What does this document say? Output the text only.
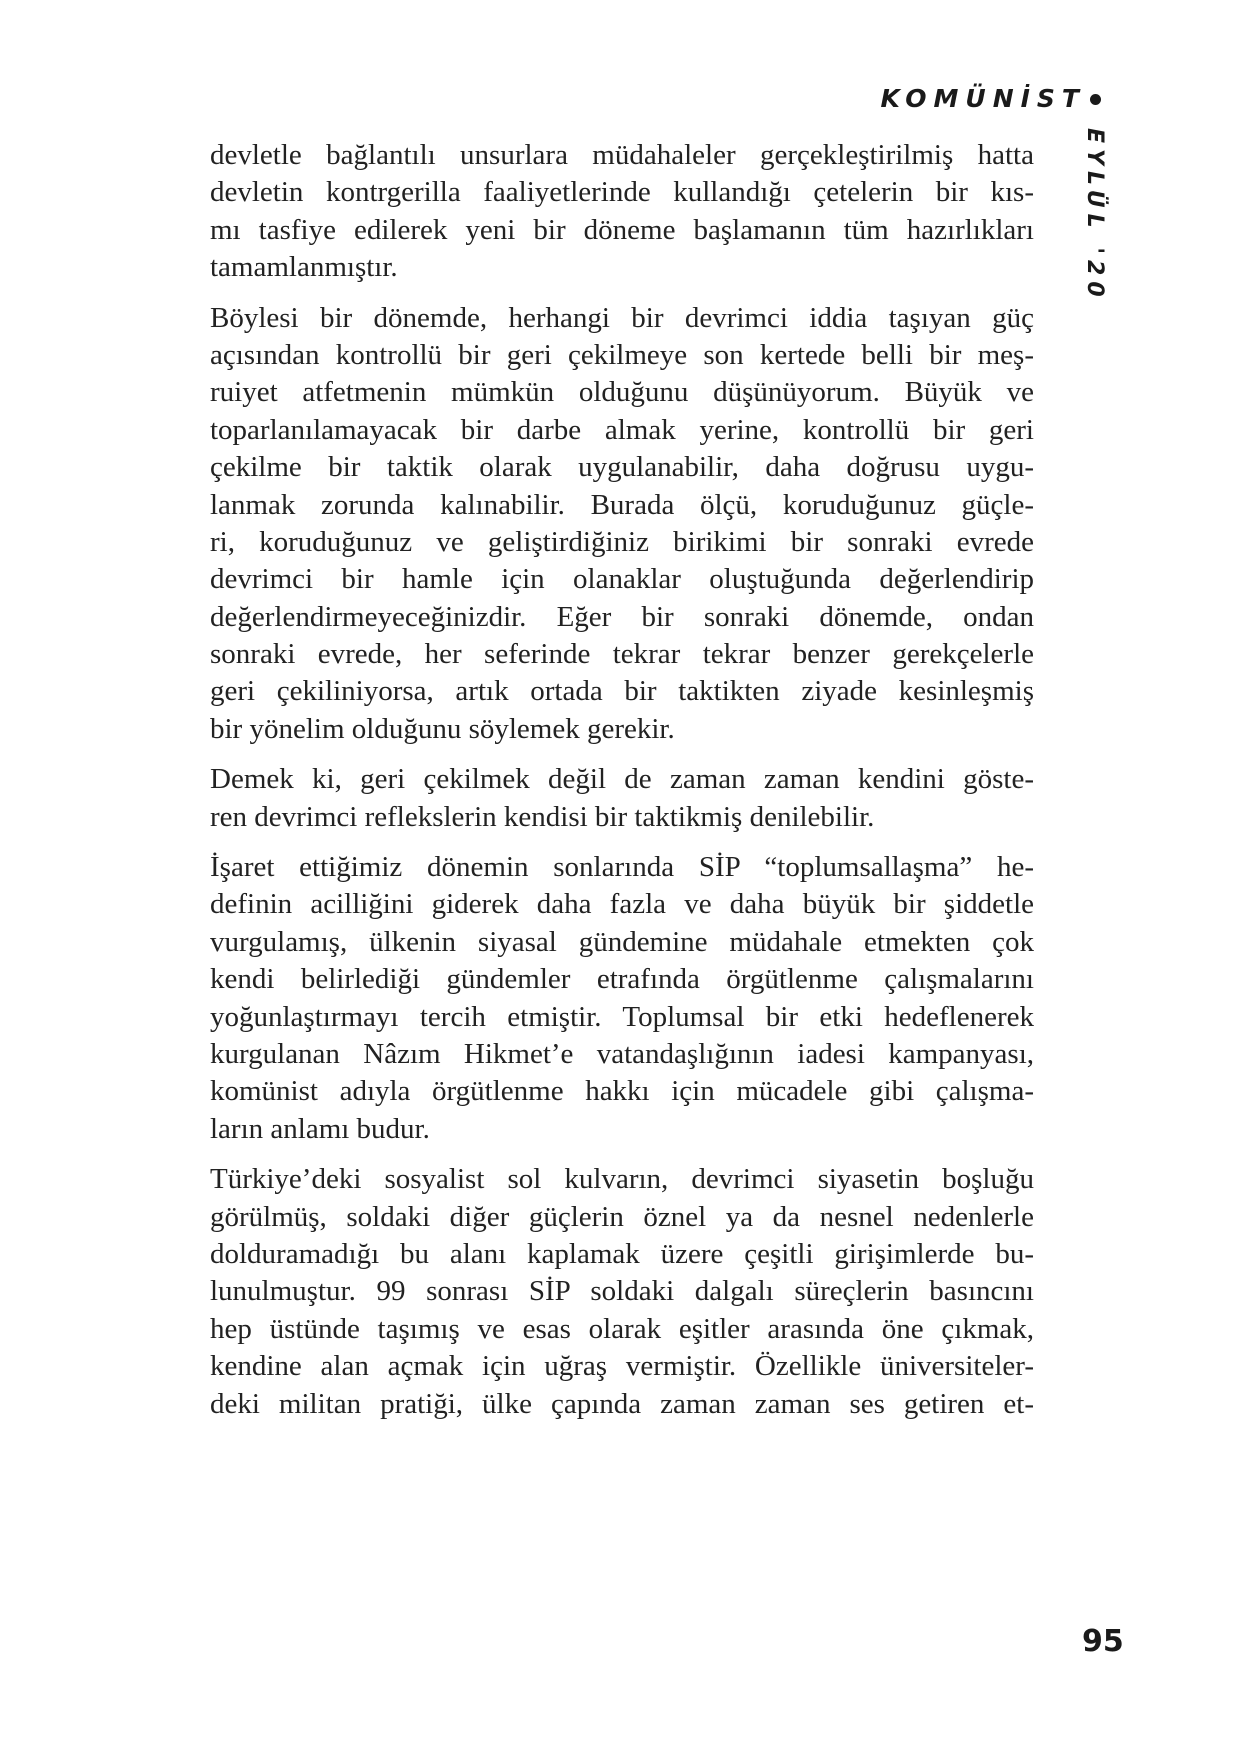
KOMÜNİST
EYLÜL '20
devletle bağlantılı unsurlara müdahaleler gerçekleştirilmiş hatta
devletin kontrgerilla faaliyetlerinde kullandığı çetelerin bir kıs-
mı tasfiye edilerek yeni bir döneme başlamanın tüm hazırlıkları
tamamlanmıştır.
Böylesi bir dönemde, herhangi bir devrimci iddia taşıyan güç
açısından kontrollü bir geri çekilmeye son kertede belli bir meş-
ruiyet atfetmenin mümkün olduğunu düşünüyorum. Büyük ve
toparlanılamayacak bir darbe almak yerine, kontrollü bir geri
çekilme bir taktik olarak uygulanabilir, daha doğrusu uygu-
lanmak zorunda kalınabilir. Burada ölçü, koruduğunuz güçle-
ri, koruduğunuz ve geliştirdiğiniz birikimi bir sonraki evrede
devrimci bir hamle için olanaklar oluştuğunda değerlendirip
değerlendirmeyeceğinizdir. Eğer bir sonraki dönemde, ondan
sonraki evrede, her seferinde tekrar tekrar benzer gerekçelerle
geri çekiliniyorsa, artık ortada bir taktikten ziyade kesinleşmiş
bir yönelim olduğunu söylemek gerekir.
Demek ki, geri çekilmek değil de zaman zaman kendini göste-
ren devrimci reflekslerin kendisi bir taktikmiş denilebilir.
İşaret ettiğimiz dönemin sonlarında SİP “toplumsallaşma” he-
definin acilliğini giderek daha fazla ve daha büyük bir şiddetle
vurgulamış, ülkenin siyasal gündemine müdahale etmekten çok
kendi belirlediği gündemler etrafında örgütlenme çalışmalarını
yoğunlaştırmayı tercih etmiştir. Toplumsal bir etki hedeflenerek
kurgulanan Nâzım Hikmet’e vatandaşlığının iadesi kampanyası,
komünist adıyla örgütlenme hakkı için mücadele gibi çalışma-
ların anlamı budur.
Türkiye’deki sosyalist sol kulvarın, devrimci siyasetin boşluğu
görülmüş, soldaki diğer güçlerin öznel ya da nesnel nedenlerle
dolduramadığı bu alanı kaplamak üzere çeşitli girişimlerde bu-
lunulmuştur. 99 sonrası SİP soldaki dalgalı süreçlerin basıncını
hep üstünde taşımış ve esas olarak eşitler arasında öne çıkmak,
kendine alan açmak için uğraş vermiştir. Özellikle üniversiteler-
deki militan pratiği, ülke çapında zaman zaman ses getiren et-
95
